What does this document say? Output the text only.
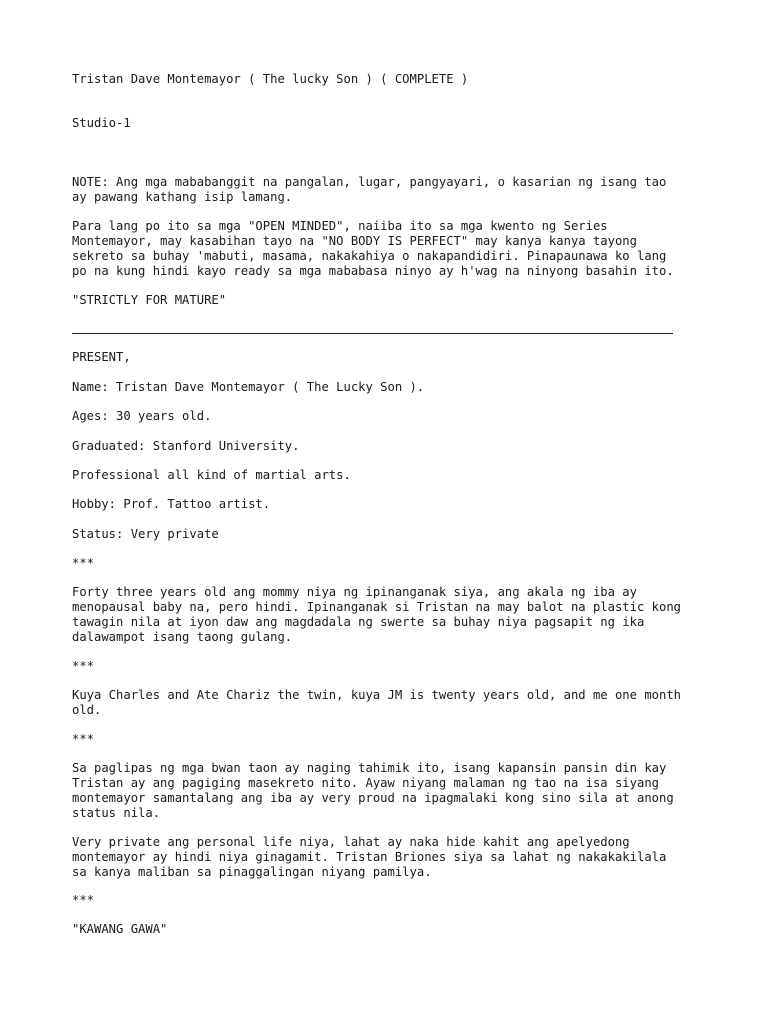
Tristan Dave Montemayor ( The lucky Son ) ( COMPLETE )

Studio-1

NOTE: Ang mga mababanggit na pangalan, lugar, pangyayari, o kasarian ng isang tao

ay pawang kathang isip lamang.

Para lang po ito sa mga "OPEN MINDED", naiiba ito sa mga kwento ng Series

Montemayor, may kasabihan tayo na "NO BODY IS PERFECT" may kanya kanya tayong

sekreto sa buhay 'mabuti, masama, nakakahiya o nakapandidiri. Pinapaunawa ko lang

po na kung hindi kayo ready sa mga mababasa ninyo ay h'wag na ninyong basahin ito.

"STRICTLY FOR MATURE"

PRESENT,

Name: Tristan Dave Montemayor ( The Lucky Son ).

Ages: 30 years old.

Graduated: Stanford University.

Professional all kind of martial arts.

Hobby: Prof. Tattoo artist.

Status: Very private

***

Forty three years old ang mommy niya ng ipinanganak siya, ang akala ng iba ay

menopausal baby na, pero hindi. Ipinanganak si Tristan na may balot na plastic kong

tawagin nila at iyon daw ang magdadala ng swerte sa buhay niya pagsapit ng ika

dalawampot isang taong gulang.

***

Kuya Charles and Ate Chariz the twin, kuya JM is twenty years old, and me one month

old.

***

Sa paglipas ng mga bwan taon ay naging tahimik ito, isang kapansin pansin din kay

Tristan ay ang pagiging masekreto nito. Ayaw niyang malaman ng tao na isa siyang

montemayor samantalang ang iba ay very proud na ipagmalaki kong sino sila at anong

status nila.

Very private ang personal life niya, lahat ay naka hide kahit ang apelyedong

montemayor ay hindi niya ginagamit. Tristan Briones siya sa lahat ng nakakakilala

sa kanya maliban sa pinaggalingan niyang pamilya.

***

"KAWANG GAWA"
